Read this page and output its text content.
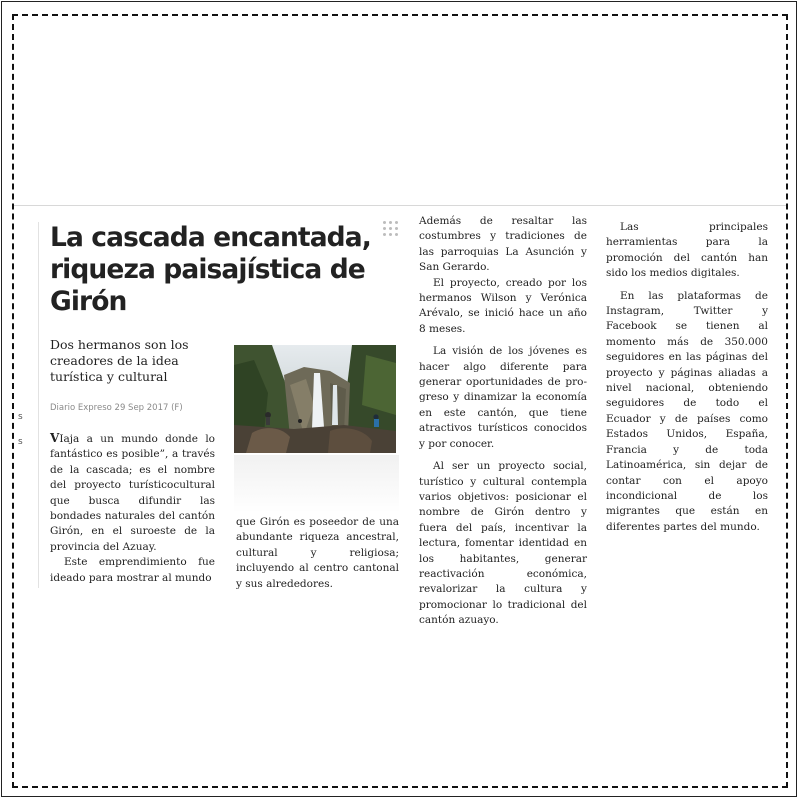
s
s
La cascada encantada, riqueza paisajística de Girón

Dos hermanos son los creadores de la idea turística y cultural

Diario Expreso 29 Sep 2017 (F)

VIaja a un mundo donde lo fantástico es posible”, a través de la cascada; es el nombre del proyecto turísticocultural que busca difundir las bondades naturales del cantón Girón, en el suroeste de la provincia del Azuay.

Este emprendimiento fue ideado para mostrar al mundo

que Girón es poseedor de una abundante riqueza ancestral, cultural y religiosa; incluyendo al centro cantonal y sus alrededores.

Además de resaltar las costumbres y tradiciones de las parroquias La Asunción y San Gerardo.

El proyecto, creado por los hermanos Wilson y Verónica Arévalo, se inició hace un año 8 meses.

La visión de los jóvenes es hacer algo diferente para generar oportunidades de pro- greso y dinamizar la economía en este cantón, que tiene atractivos turísticos conocidos y por conocer.

Al ser un proyecto social, turístico y cultural contempla varios objetivos: posicionar el nombre de Girón dentro y fuera del país, incentivar la lectura, fomentar identidad en los habitantes, generar reactivación económica, revalorizar la cultura y promocionar lo tradicional del cantón azuayo.

Las principales herramientas para la promoción del cantón han sido los medios digitales.

En las plataformas de Instagram, Twitter y Facebook se tienen al momento más de 350.000 seguidores en las páginas del proyecto y páginas aliadas a nivel nacional, obteniendo seguidores de todo el Ecuador y de países como Estados Unidos, España, Francia y de toda Latinoamérica, sin dejar de contar con el apoyo incondicional de los migrantes que están en diferentes partes del mundo.
